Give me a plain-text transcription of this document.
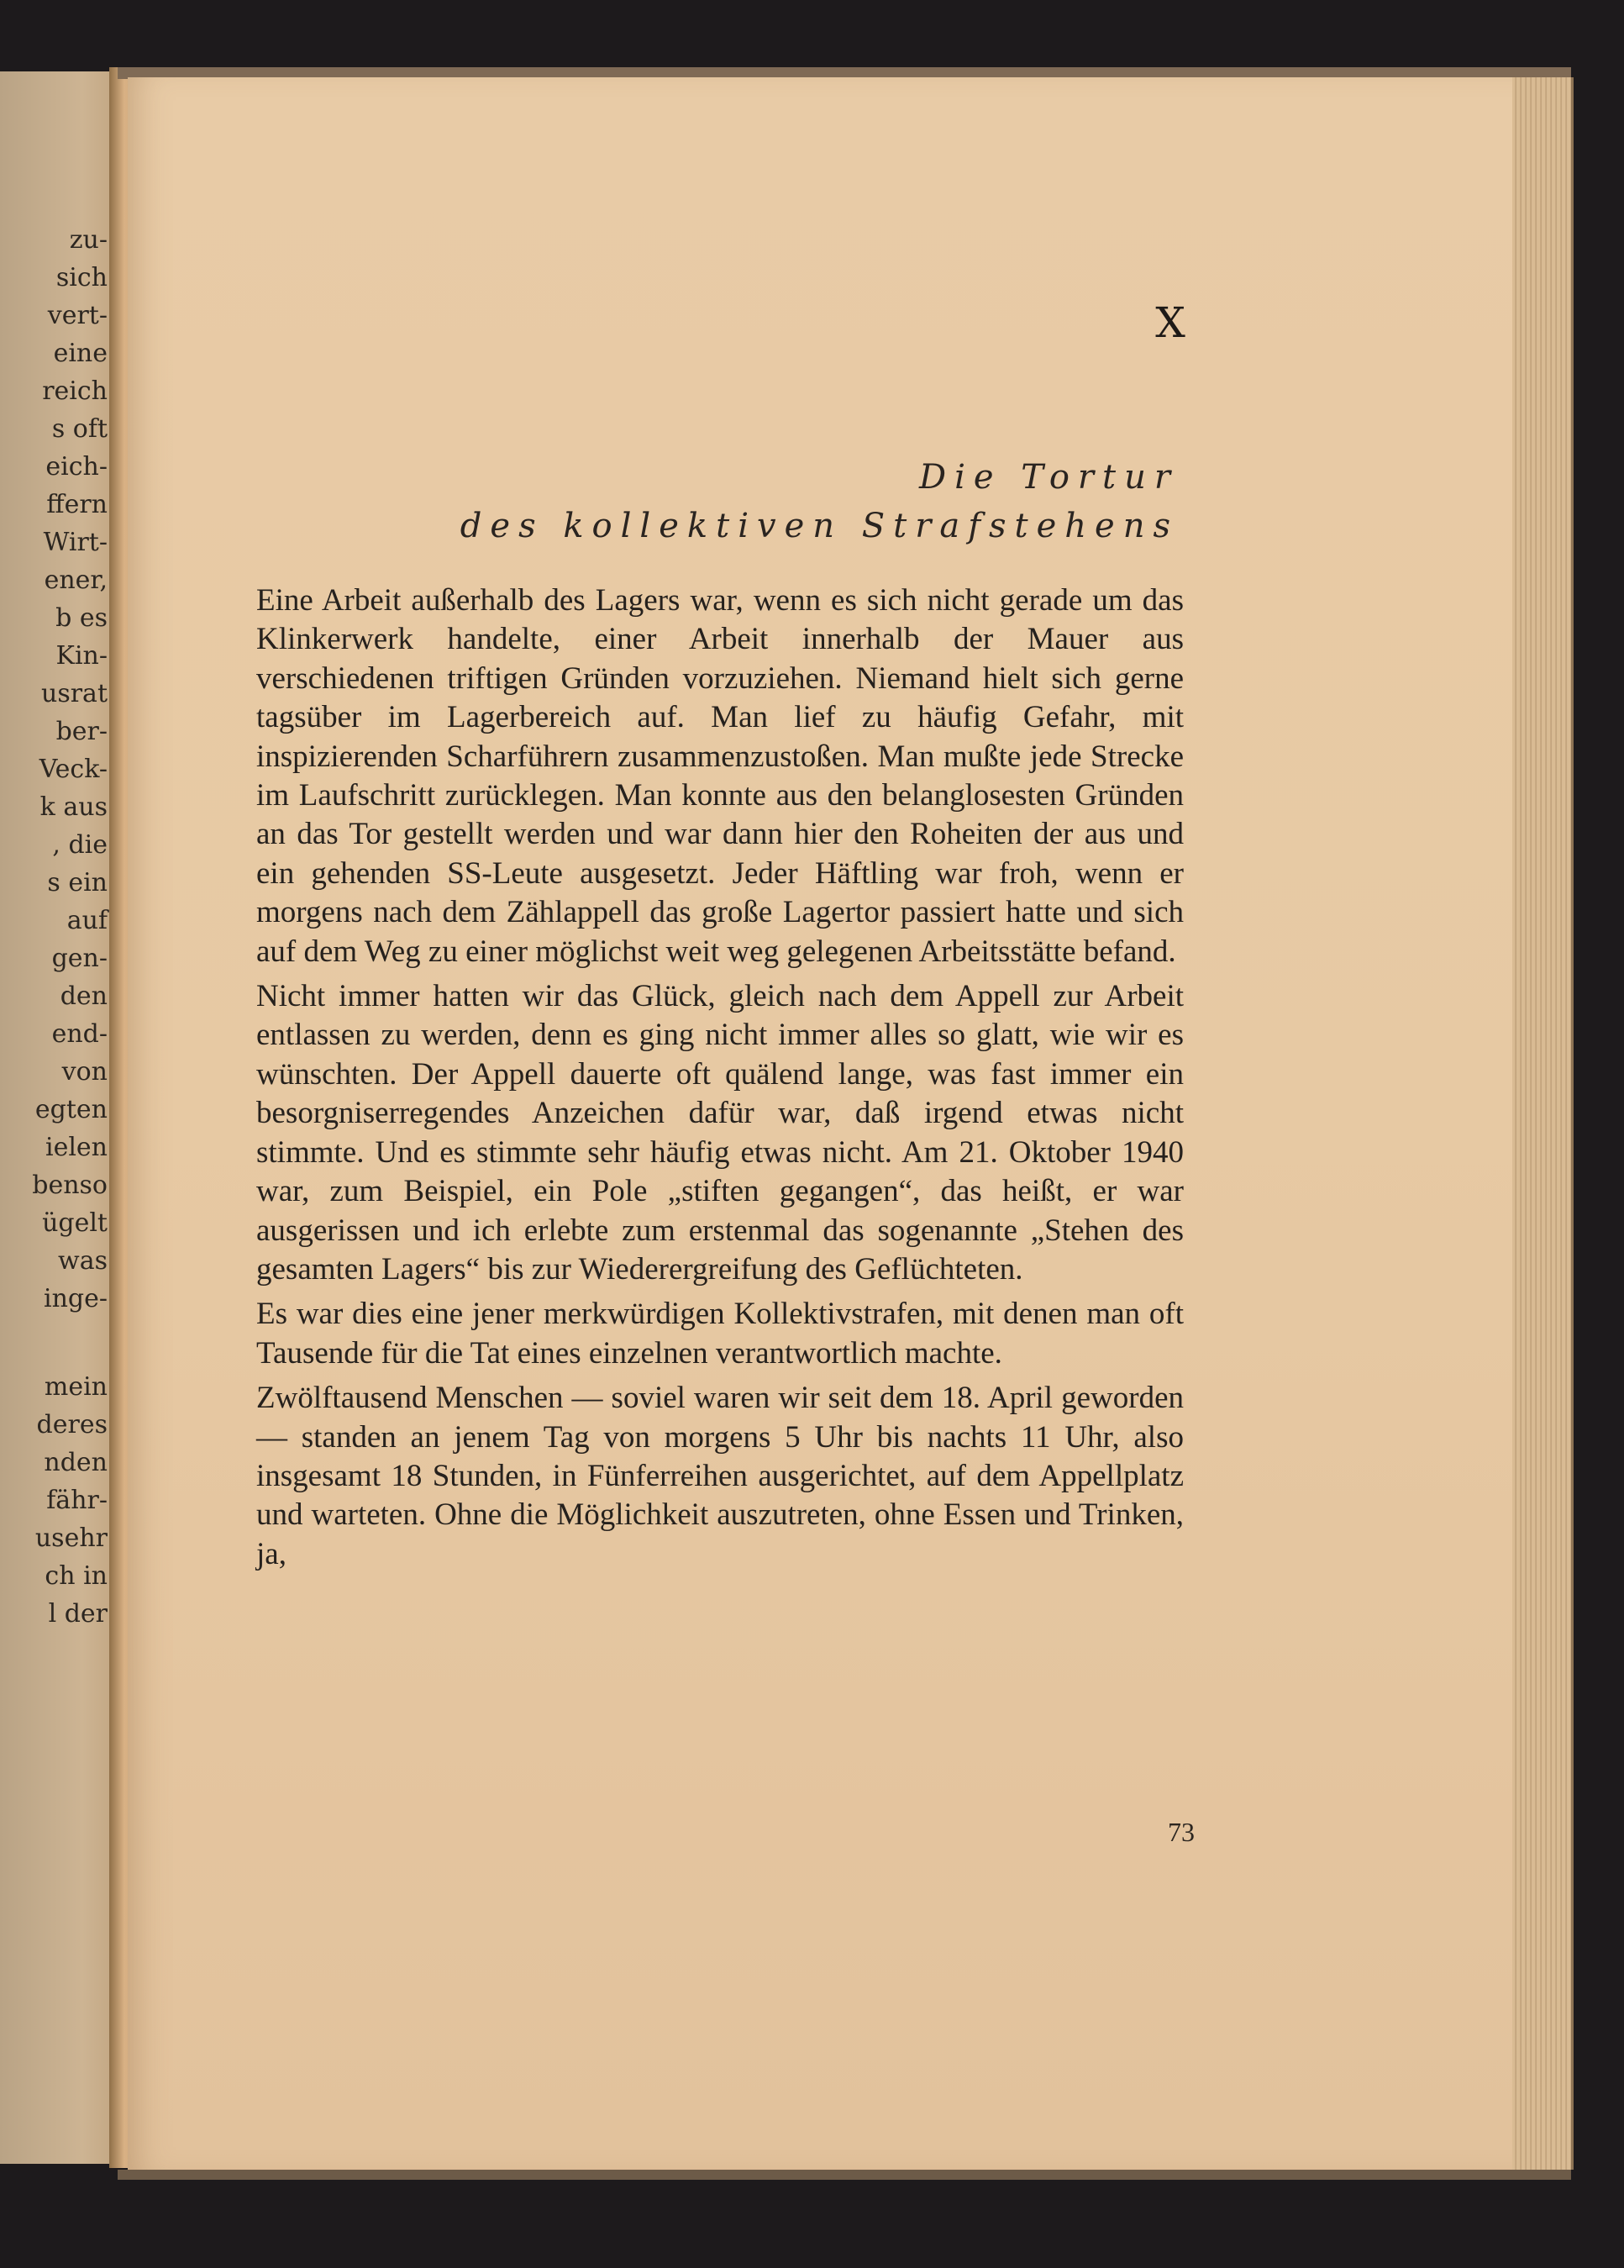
zu-
sich
vert-
eine
reich
s oft
eich-
ffern
Wirt-
ener,
b es
Kin-
usrat
ber-
Veck-
k aus
, die
s ein
auf
gen-
den
end-
von
egten
ielen
benso
ügelt
was
inge-
mein
deres
nden
fähr-
usehr
ch in
l der
X
Die Tortur
des kollektiven Strafstehens

Eine Arbeit außerhalb des Lagers war, wenn es sich nicht gerade um das Klinkerwerk handelte, einer Arbeit innerhalb der Mauer aus verschiedenen triftigen Gründen vorzuziehen. Niemand hielt sich gerne tagsüber im Lagerbereich auf. Man lief zu häufig Gefahr, mit inspizierenden Scharführern zusammenzustoßen. Man mußte jede Strecke im Laufschritt zurücklegen. Man konnte aus den belanglosesten Gründen an das Tor gestellt werden und war dann hier den Roheiten der aus und ein gehenden SS-Leute ausgesetzt. Jeder Häftling war froh, wenn er morgens nach dem Zählappell das große Lagertor passiert hatte und sich auf dem Weg zu einer möglichst weit weg gelegenen Arbeitsstätte befand.

Nicht immer hatten wir das Glück, gleich nach dem Appell zur Arbeit entlassen zu werden, denn es ging nicht immer alles so glatt, wie wir es wünschten. Der Appell dauerte oft quälend lange, was fast immer ein besorgniserregendes Anzeichen dafür war, daß irgend etwas nicht stimmte. Und es stimmte sehr häufig etwas nicht. Am 21. Oktober 1940 war, zum Beispiel, ein Pole „stiften gegangen“, das heißt, er war ausgerissen und ich erlebte zum erstenmal das sogenannte „Stehen des gesamten Lagers“ bis zur Wiederergreifung des Geflüchteten.

Es war dies eine jener merkwürdigen Kollektivstrafen, mit denen man oft Tausende für die Tat eines einzelnen verantwortlich machte.

Zwölftausend Menschen — soviel waren wir seit dem 18. April geworden — standen an jenem Tag von morgens 5 Uhr bis nachts 11 Uhr, also insgesamt 18 Stunden, in Fünferreihen ausgerichtet, auf dem Appellplatz und warteten. Ohne die Möglichkeit auszutreten, ohne Essen und Trinken, ja,

73
